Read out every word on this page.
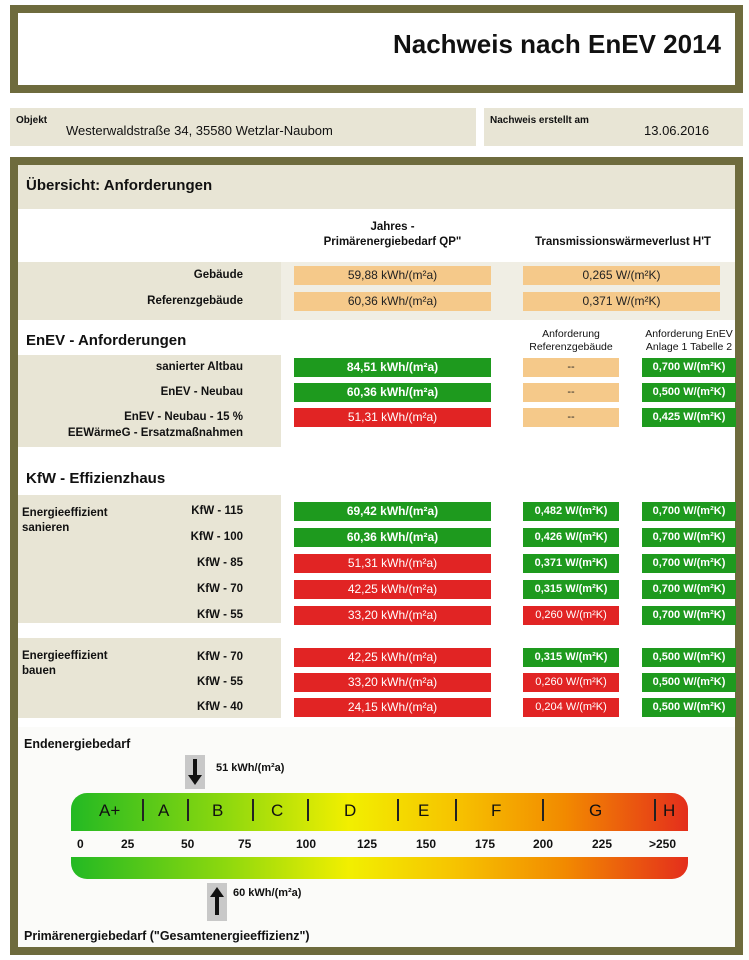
Nachweis nach EnEV 2014
Objekt
Westerwaldstraße 34, 35580 Wetzlar-Naubom
Nachweis erstellt am
13.06.2016
Übersicht: Anforderungen
Jahres -
Primärenergiebedarf QP"	Transmissionswärmeverlust H'T
Gebäude	59,88 kWh/(m²a)	0,265 W/(m²K)
Referenzgebäude	60,36 kWh/(m²a)	0,371 W/(m²K)
EnEV - Anforderungen	Anforderung
Referenzgebäude
Anforderung EnEV
Anlage 1 Tabelle 2
sanierter Altbau	84,51 kWh/(m²a)	--	0,700 W/(m²K)
EnEV - Neubau	60,36 kWh/(m²a)	--	0,500 W/(m²K)
EnEV - Neubau - 15 %
EEWärmeG - Ersatzmaßnahmen
51,31 kWh/(m²a)	--	0,425 W/(m²K)
KfW - Effizienzhaus
Energieeffizient
sanieren
Energieeffizient
bauen
KfW - 115	69,42 kWh/(m²a)	0,482 W/(m²K)	0,700 W/(m²K)
KfW - 100	60,36 kWh/(m²a)	0,426 W/(m²K)	0,700 W/(m²K)
KfW - 85	51,31 kWh/(m²a)	0,371 W/(m²K)	0,700 W/(m²K)
KfW - 70	42,25 kWh/(m²a)	0,315 W/(m²K)	0,700 W/(m²K)
KfW - 55	33,20 kWh/(m²a)	0,260 W/(m²K)	0,700 W/(m²K)
KfW - 70	42,25 kWh/(m²a)	0,315 W/(m²K)	0,500 W/(m²K)
KfW - 55	33,20 kWh/(m²a)	0,260 W/(m²K)	0,500 W/(m²K)
KfW - 40	24,15 kWh/(m²a)	0,204 W/(m²K)	0,500 W/(m²K)
Endenergiebedarf
51 kWh/(m²a)
A+ A	B	C	D	E	F	G	H
0	25	50	75	100	125	150	175	200	225	>250
60 kWh/(m²a)
Primärenergiebedarf ("Gesamtenergieeffizienz")
